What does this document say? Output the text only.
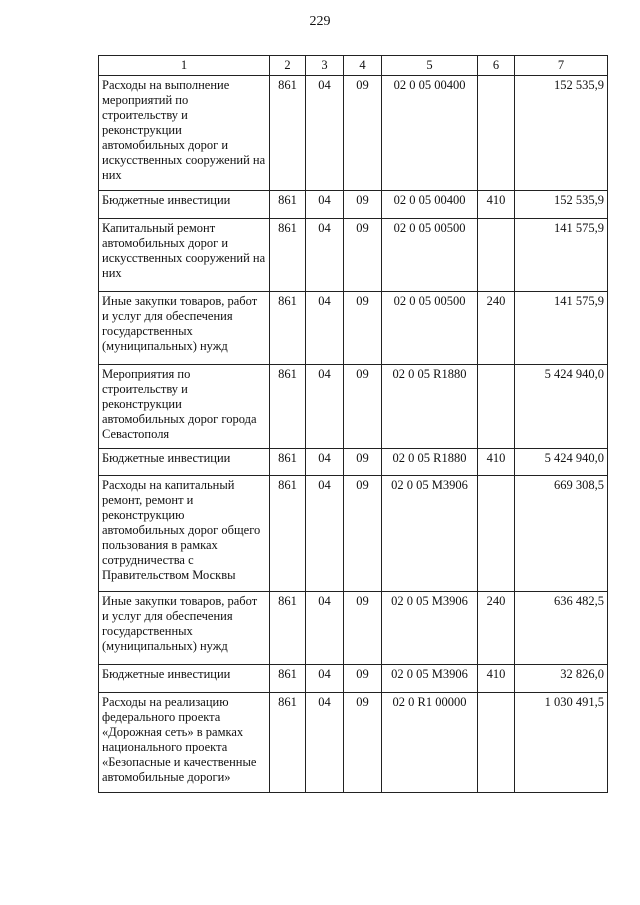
229
1	2	3	4	5	6	7
Расходы на выполнение мероприятий по строительству и реконструкции автомобильных дорог и искусственных сооружений на них	861	04	09	02 0 05 00400		152 535,9
Бюджетные инвестиции	861	04	09	02 0 05 00400	410	152 535,9
Капитальный ремонт автомобильных дорог и искусственных сооружений на них	861	04	09	02 0 05 00500		141 575,9
Иные закупки товаров, работ и услуг для обеспечения государственных (муниципальных) нужд	861	04	09	02 0 05 00500	240	141 575,9
Мероприятия по строительству и реконструкции автомобильных дорог города Севастополя	861	04	09	02 0 05 R1880		5 424 940,0
Бюджетные инвестиции	861	04	09	02 0 05 R1880	410	5 424 940,0
Расходы на капитальный ремонт, ремонт и реконструкцию автомобильных дорог общего пользования в рамках сотрудничества с Правительством Москвы	861	04	09	02 0 05 M3906		669 308,5
Иные закупки товаров, работ и услуг для обеспечения государственных (муниципальных) нужд	861	04	09	02 0 05 M3906	240	636 482,5
Бюджетные инвестиции	861	04	09	02 0 05 M3906	410	32 826,0
Расходы на реализацию федерального проекта «Дорожная сеть» в рамках национального проекта «Безопасные и качественные автомобильные дороги»	861	04	09	02 0 R1 00000		1 030 491,5
